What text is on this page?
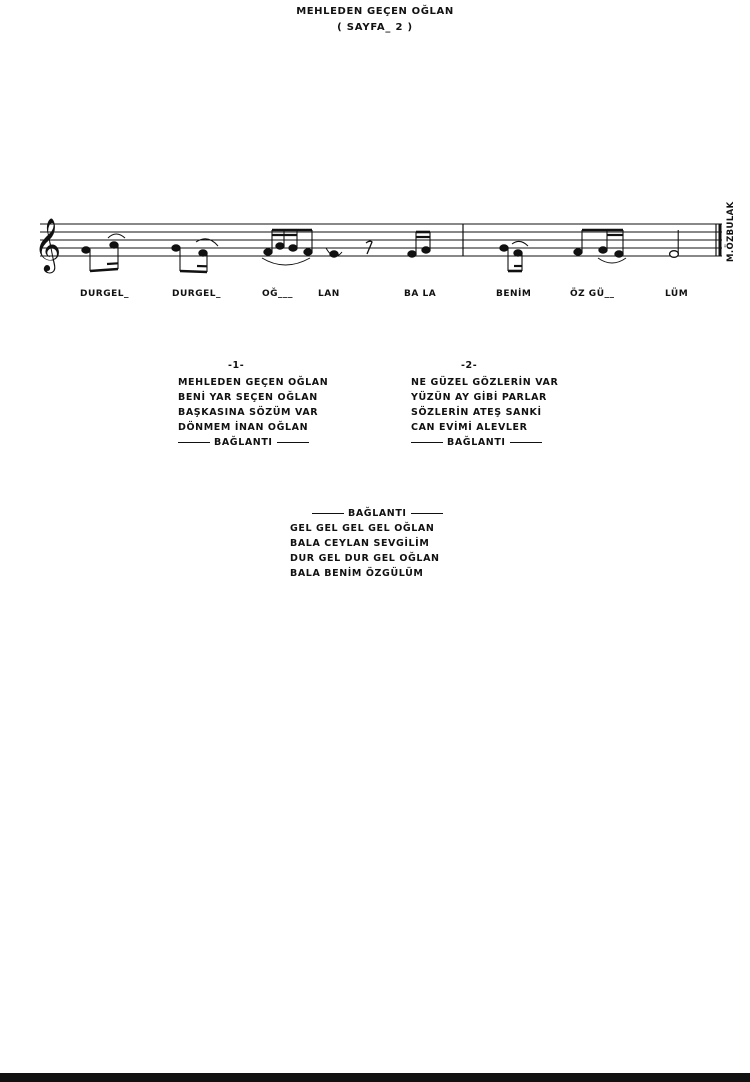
MEHLEDEN GEÇEN OĞLAN
( SAYFA_ 2 )
𝄞
DURGEL_	DURGEL_	OĞ___	LAN	BA LA	BENİM	ÖZ GÜ__	LÜM
M.ÖZBULAK
-1-
MEHLEDEN GEÇEN OĞLAN
BENİ YAR SEÇEN OĞLAN
BAŞKASINA SÖZÜM VAR
DÖNMEM İNAN OĞLAN
BAĞLANTI
-2-
NE GÜZEL GÖZLERİN VAR
YÜZÜN AY GİBİ PARLAR
SÖZLERİN ATEŞ SANKİ
CAN EVİMİ ALEVLER
BAĞLANTI
BAĞLANTI
GEL GEL GEL GEL OĞLAN
BALA CEYLAN SEVGİLİM
DUR GEL DUR GEL OĞLAN
BALA BENİM ÖZGÜLÜM
